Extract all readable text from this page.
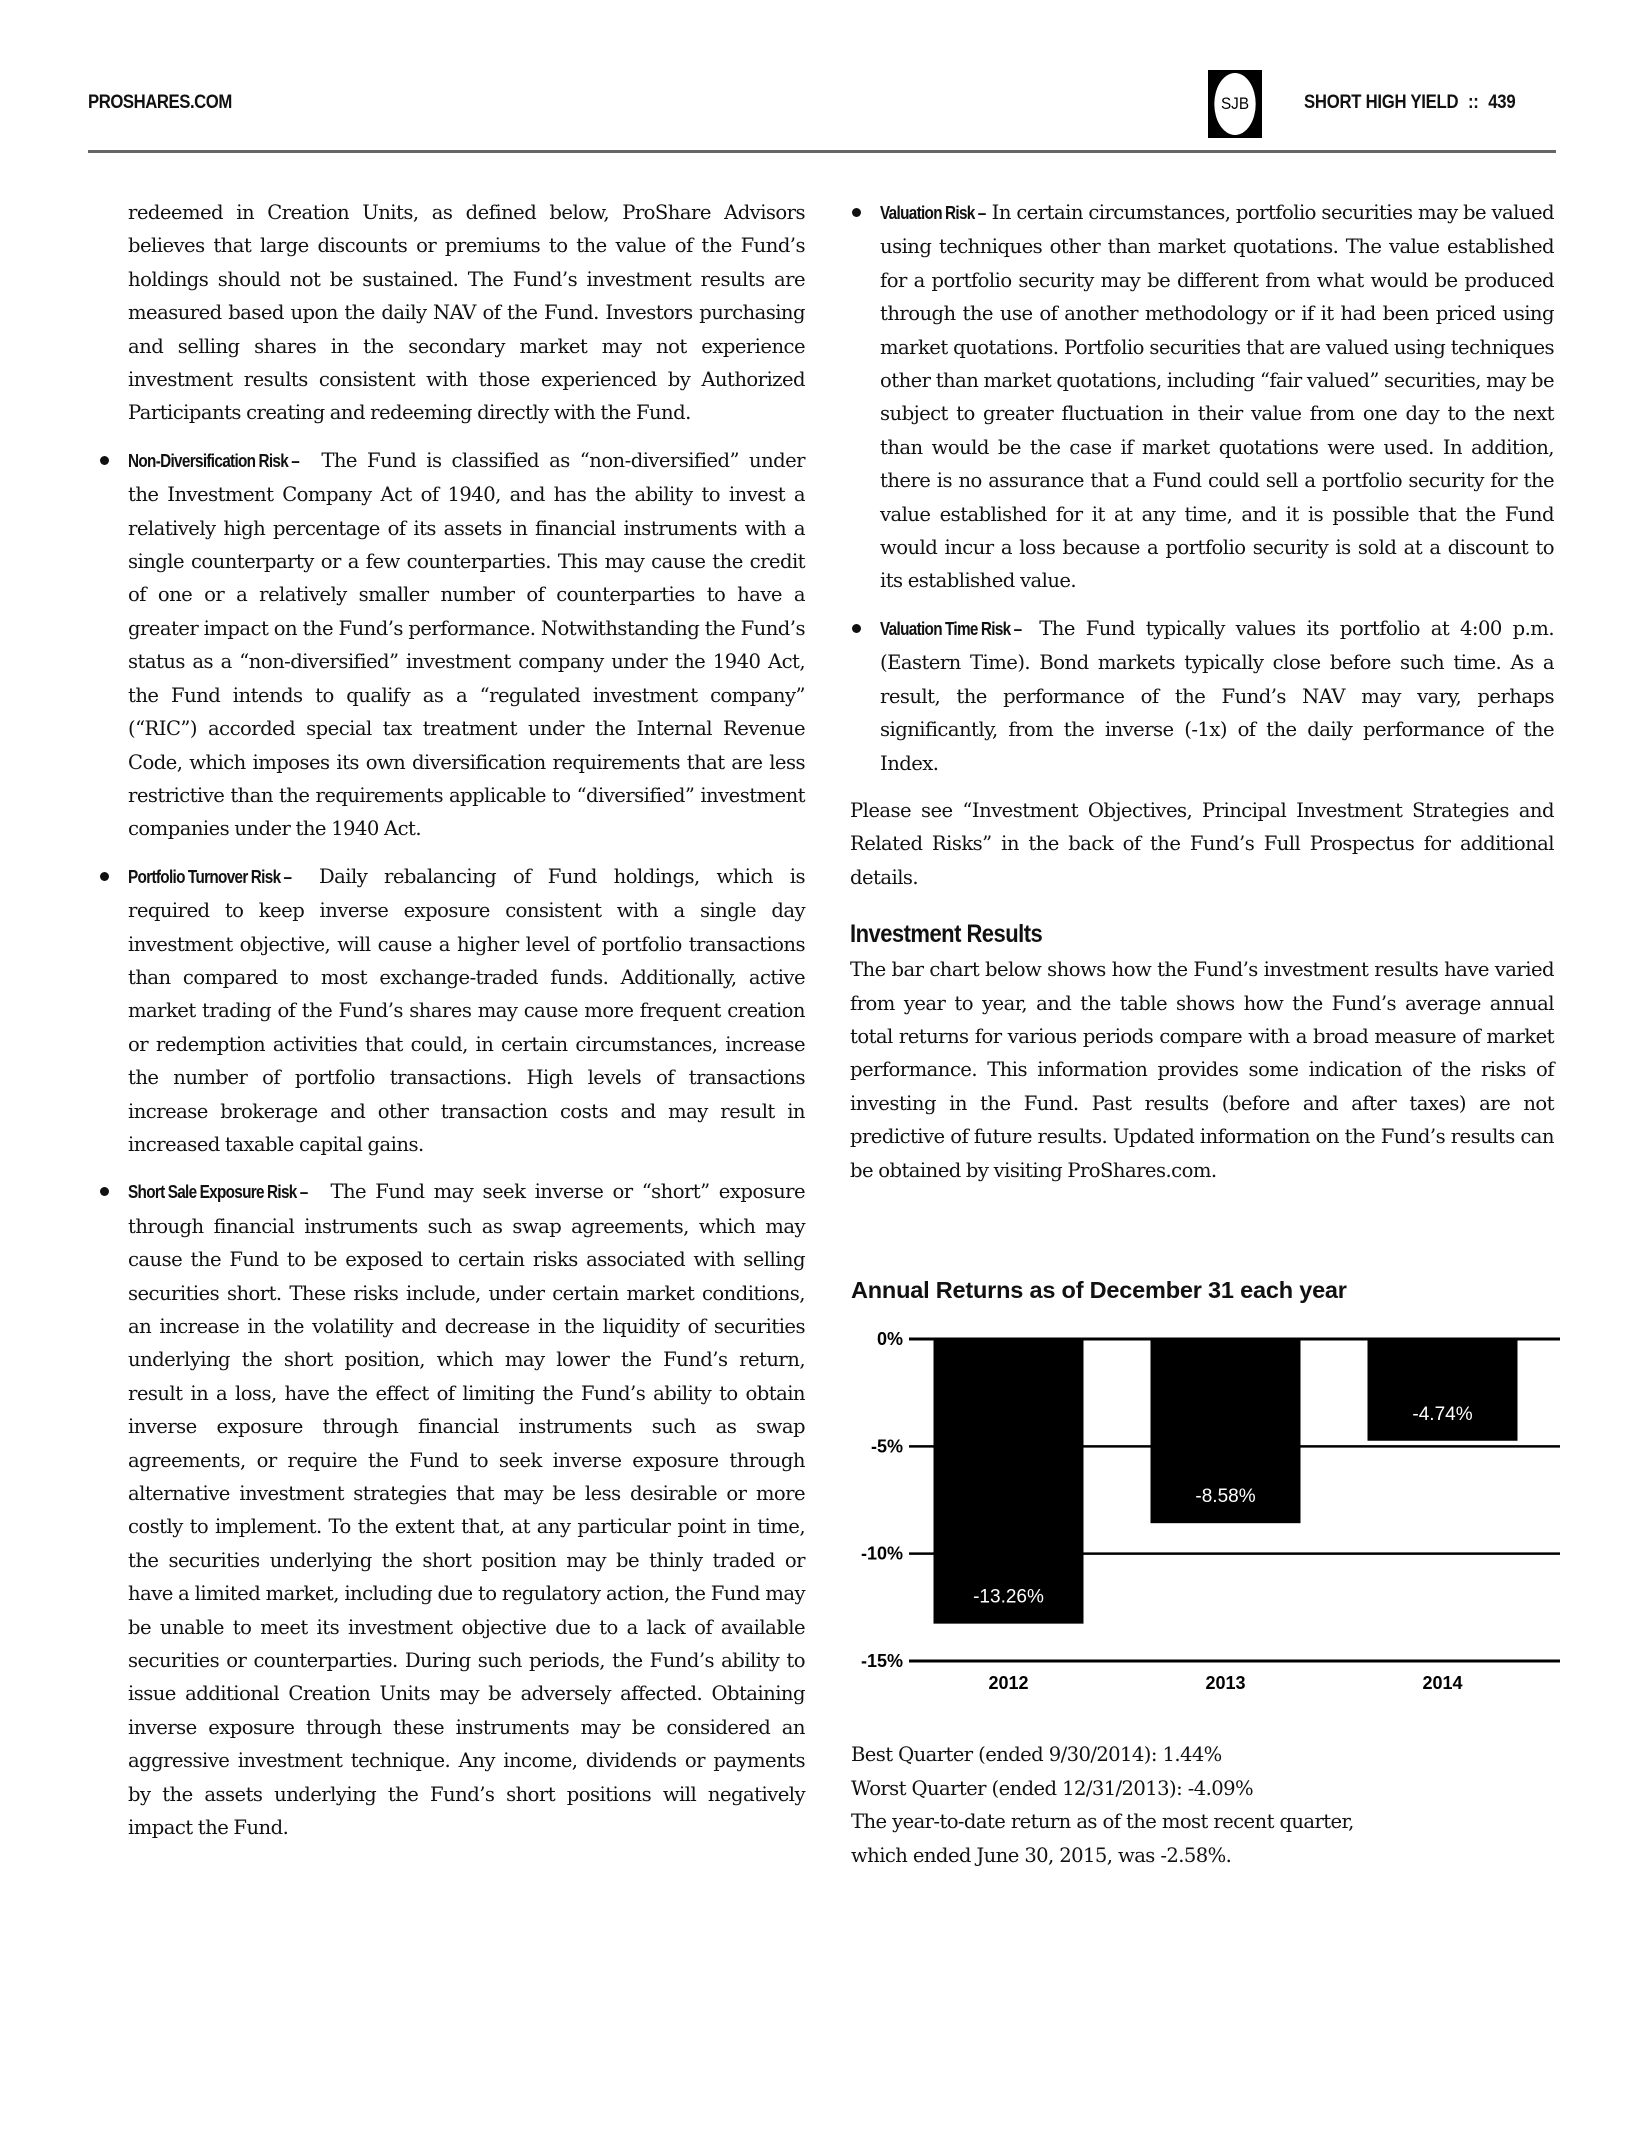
PROSHARES.COM	SJB	SHORT HIGH YIELD :: 439

redeemed in Creation Units, as defined below, ProShare Advisors believes that large discounts or premiums to the value of the Fund’s holdings should not be sustained. The Fund’s investment results are measured based upon the daily NAV of the Fund. Investors purchasing and selling shares in the secondary market may not experience investment results consistent with those experienced by Authorized Participants creating and redeeming directly with the Fund.

Non-Diversification Risk – The Fund is classified as “non-diversified” under the Investment Company Act of 1940, and has the ability to invest a relatively high percentage of its assets in financial instruments with a single counterparty or a few counterparties. This may cause the credit of one or a relatively smaller number of counterparties to have a greater impact on the Fund’s performance. Notwithstanding the Fund’s status as a “non-diversified” investment company under the 1940 Act, the Fund intends to qualify as a “regulated investment company” (“RIC”) accorded special tax treatment under the Internal Revenue Code, which imposes its own diversification requirements that are less restrictive than the requirements applicable to “diversified” investment companies under the 1940 Act.

Portfolio Turnover Risk – Daily rebalancing of Fund holdings, which is required to keep inverse exposure consistent with a single day investment objective, will cause a higher level of portfolio transactions than compared to most exchange-traded funds. Additionally, active market trading of the Fund’s shares may cause more frequent creation or redemption activities that could, in certain circumstances, increase the number of portfolio transactions. High levels of transactions increase brokerage and other transaction costs and may result in increased taxable capital gains.

Short Sale Exposure Risk – The Fund may seek inverse or “short” exposure through financial instruments such as swap agreements, which may cause the Fund to be exposed to certain risks associated with selling securities short. These risks include, under certain market conditions, an increase in the volatility and decrease in the liquidity of securities underlying the short position, which may lower the Fund’s return, result in a loss, have the effect of limiting the Fund’s ability to obtain inverse exposure through financial instruments such as swap agreements, or require the Fund to seek inverse exposure through alternative investment strategies that may be less desirable or more costly to implement. To the extent that, at any particular point in time, the securities underlying the short position may be thinly traded or have a limited market, including due to regulatory action, the Fund may be unable to meet its investment objective due to a lack of available securities or counterparties. During such periods, the Fund’s ability to issue additional Creation Units may be adversely affected. Obtaining inverse exposure through these instruments may be considered an aggressive investment technique. Any income, dividends or payments by the assets underlying the Fund’s short positions will negatively impact the Fund.

Valuation Risk – In certain circumstances, portfolio securities may be valued using techniques other than market quotations. The value established for a portfolio security may be different from what would be produced through the use of another methodology or if it had been priced using market quotations. Portfolio securities that are valued using techniques other than market quotations, including “fair valued” securities, may be subject to greater fluctuation in their value from one day to the next than would be the case if market quotations were used. In addition, there is no assurance that a Fund could sell a portfolio security for the value established for it at any time, and it is possible that the Fund would incur a loss because a portfolio security is sold at a discount to its established value.

Valuation Time Risk – The Fund typically values its portfolio at 4:00 p.m. (Eastern Time). Bond markets typically close before such time. As a result, the performance of the Fund’s NAV may vary, perhaps significantly, from the inverse (-1x) of the daily performance of the Index.

Please see “Investment Objectives, Principal Investment Strategies and Related Risks” in the back of the Fund’s Full Prospectus for additional details.

Investment Results

The bar chart below shows how the Fund’s investment results have varied from year to year, and the table shows how the Fund’s average annual total returns for various periods compare with a broad measure of market performance. This information provides some indication of the risks of investing in the Fund. Past results (before and after taxes) are not predictive of future results. Updated information on the Fund’s results can be obtained by visiting ProShares.com.

Annual Returns as of December 31 each year
-13.26%
-8.58%
-4.74%
0%
-5%
-10%
-15%
2012	2013	2014
Best Quarter (ended 9/30/2014): 1.44%
Worst Quarter (ended 12/31/2013): -4.09%
The year-to-date return as of the most recent quarter,
which ended June 30, 2015, was -2.58%.
